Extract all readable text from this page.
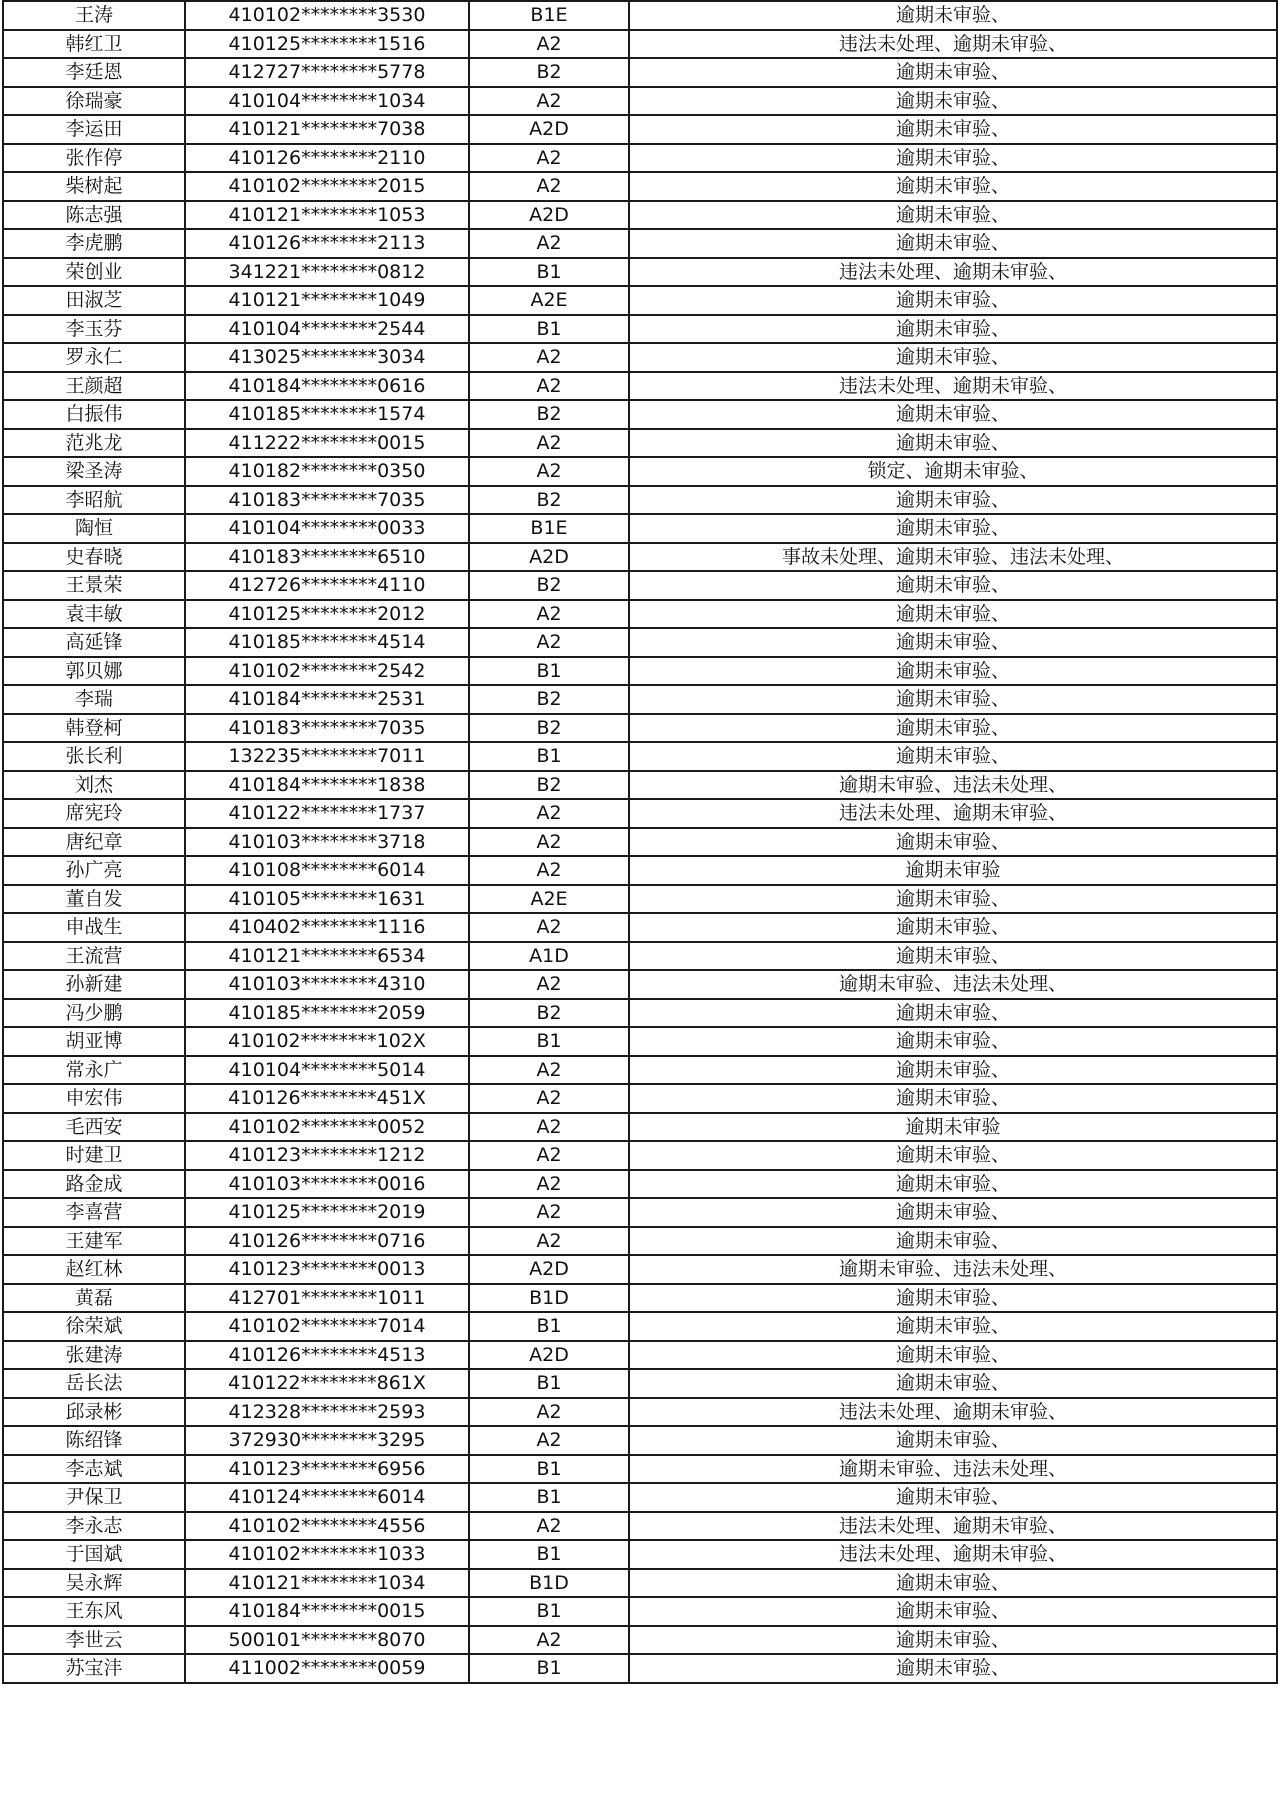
王涛	410102********3530	B1E	逾期未审验、
韩红卫	410125********1516	A2	违法未处理、逾期未审验、
李廷恩	412727********5778	B2	逾期未审验、
徐瑞豪	410104********1034	A2	逾期未审验、
李运田	410121********7038	A2D	逾期未审验、
张作停	410126********2110	A2	逾期未审验、
柴树起	410102********2015	A2	逾期未审验、
陈志强	410121********1053	A2D	逾期未审验、
李虎鹏	410126********2113	A2	逾期未审验、
荣创业	341221********0812	B1	违法未处理、逾期未审验、
田淑芝	410121********1049	A2E	逾期未审验、
李玉芬	410104********2544	B1	逾期未审验、
罗永仁	413025********3034	A2	逾期未审验、
王颜超	410184********0616	A2	违法未处理、逾期未审验、
白振伟	410185********1574	B2	逾期未审验、
范兆龙	411222********0015	A2	逾期未审验、
梁圣涛	410182********0350	A2	锁定、逾期未审验、
李昭航	410183********7035	B2	逾期未审验、
陶恒	410104********0033	B1E	逾期未审验、
史春晓	410183********6510	A2D	事故未处理、逾期未审验、违法未处理、
王景荣	412726********4110	B2	逾期未审验、
袁丰敏	410125********2012	A2	逾期未审验、
高延锋	410185********4514	A2	逾期未审验、
郭贝娜	410102********2542	B1	逾期未审验、
李瑞	410184********2531	B2	逾期未审验、
韩登柯	410183********7035	B2	逾期未审验、
张长利	132235********7011	B1	逾期未审验、
刘杰	410184********1838	B2	逾期未审验、违法未处理、
席宪玲	410122********1737	A2	违法未处理、逾期未审验、
唐纪章	410103********3718	A2	逾期未审验、
孙广亮	410108********6014	A2	逾期未审验
董自发	410105********1631	A2E	逾期未审验、
申战生	410402********1116	A2	逾期未审验、
王流营	410121********6534	A1D	逾期未审验、
孙新建	410103********4310	A2	逾期未审验、违法未处理、
冯少鹏	410185********2059	B2	逾期未审验、
胡亚博	410102********102X	B1	逾期未审验、
常永广	410104********5014	A2	逾期未审验、
申宏伟	410126********451X	A2	逾期未审验、
毛西安	410102********0052	A2	逾期未审验
时建卫	410123********1212	A2	逾期未审验、
路金成	410103********0016	A2	逾期未审验、
李喜营	410125********2019	A2	逾期未审验、
王建军	410126********0716	A2	逾期未审验、
赵红林	410123********0013	A2D	逾期未审验、违法未处理、
黄磊	412701********1011	B1D	逾期未审验、
徐荣斌	410102********7014	B1	逾期未审验、
张建涛	410126********4513	A2D	逾期未审验、
岳长法	410122********861X	B1	逾期未审验、
邱录彬	412328********2593	A2	违法未处理、逾期未审验、
陈绍锋	372930********3295	A2	逾期未审验、
李志斌	410123********6956	B1	逾期未审验、违法未处理、
尹保卫	410124********6014	B1	逾期未审验、
李永志	410102********4556	A2	违法未处理、逾期未审验、
于国斌	410102********1033	B1	违法未处理、逾期未审验、
吴永辉	410121********1034	B1D	逾期未审验、
王东风	410184********0015	B1	逾期未审验、
李世云	500101********8070	A2	逾期未审验、
苏宝沣	411002********0059	B1	逾期未审验、
